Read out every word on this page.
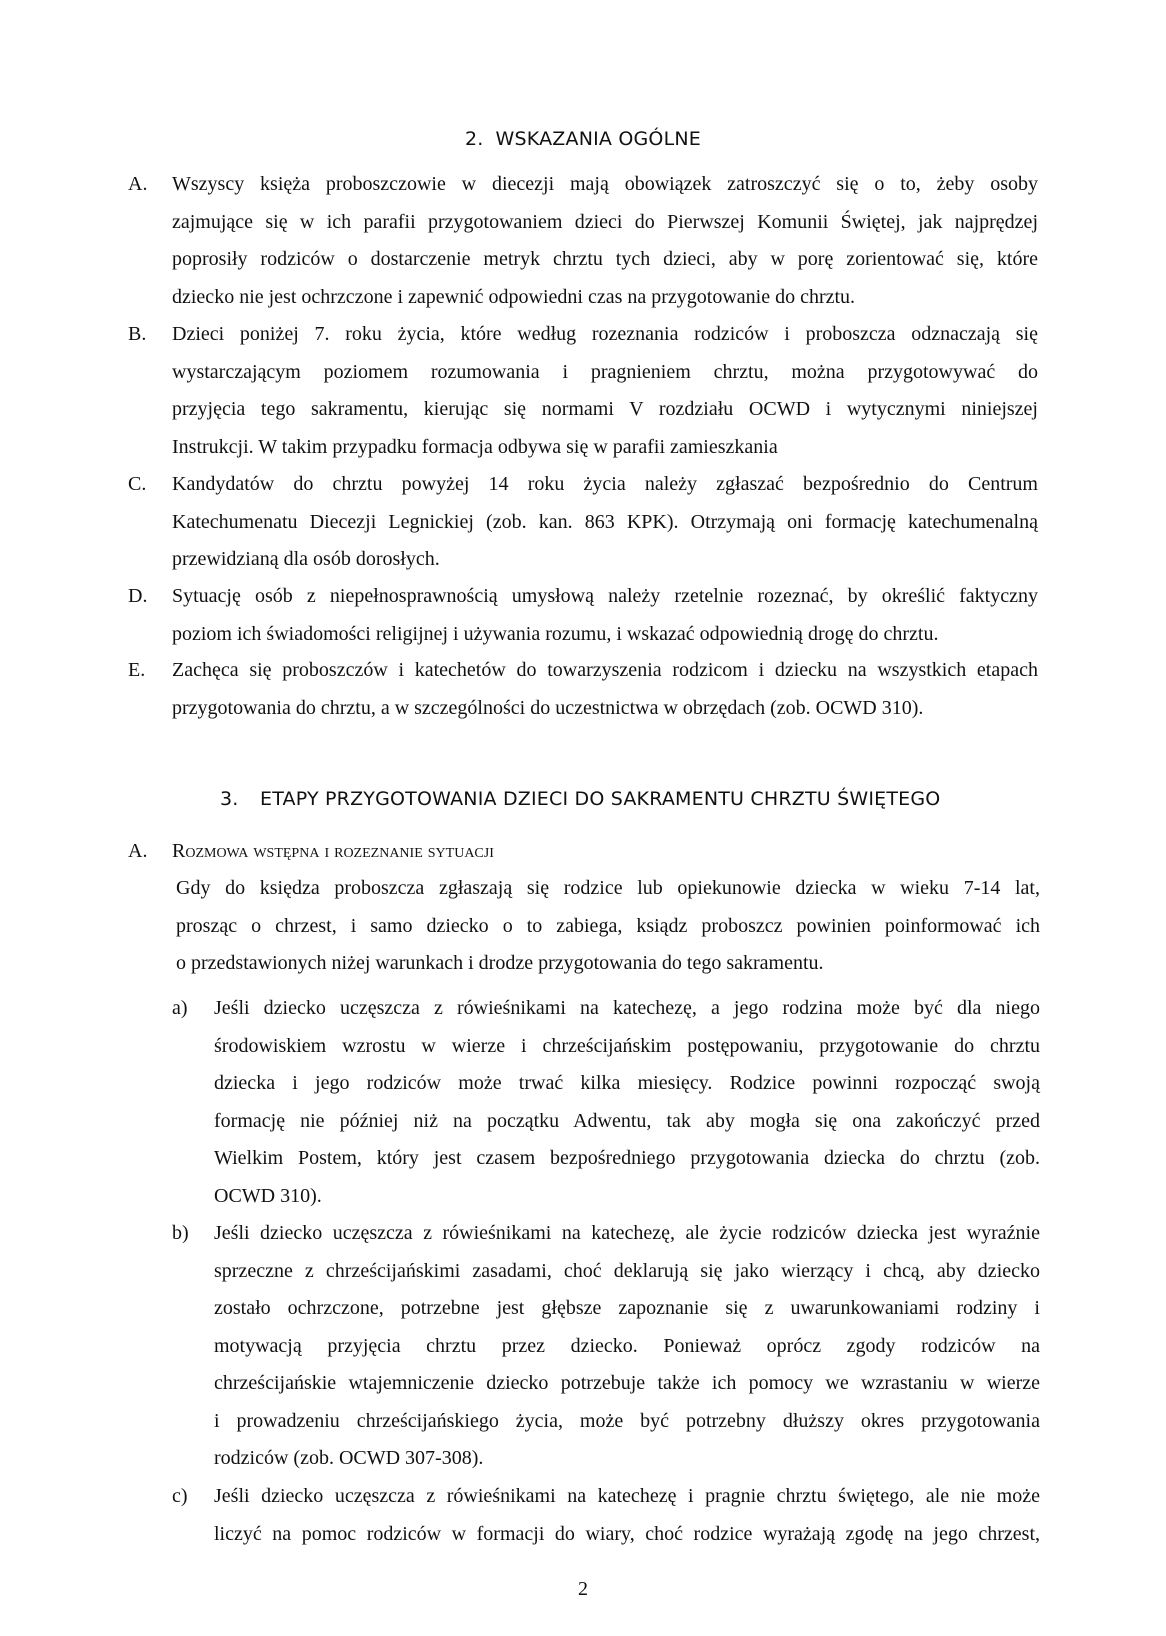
2. WSKAZANIA OGÓLNE
A.	Wszyscy księża proboszczowie w diecezji mają obowiązek zatroszczyć się o to, żeby osoby
zajmujące się w ich parafii przygotowaniem dzieci do Pierwszej Komunii Świętej, jak najprędzej
poprosiły rodziców o dostarczenie metryk chrztu tych dzieci, aby w porę zorientować się, które
dziecko nie jest ochrzczone i zapewnić odpowiedni czas na przygotowanie do chrztu.
B.	Dzieci poniżej 7. roku życia, które według rozeznania rodziców i proboszcza odznaczają się
wystarczającym poziomem rozumowania i pragnieniem chrztu, można przygotowywać do
przyjęcia tego sakramentu, kierując się normami V rozdziału OCWD i wytycznymi niniejszej
Instrukcji. W takim przypadku formacja odbywa się w parafii zamieszkania
C.	Kandydatów do chrztu powyżej 14 roku życia należy zgłaszać bezpośrednio do Centrum
Katechumenatu Diecezji Legnickiej (zob. kan. 863 KPK). Otrzymają oni formację katechumenalną
przewidzianą dla osób dorosłych.
D.	Sytuację osób z niepełnosprawnością umysłową należy rzetelnie rozeznać, by określić faktyczny
poziom ich świadomości religijnej i używania rozumu, i wskazać odpowiednią drogę do chrztu.
E.	Zachęca się proboszczów i katechetów do towarzyszenia rodzicom i dziecku na wszystkich etapach
przygotowania do chrztu, a w szczególności do uczestnictwa w obrzędach (zob. OCWD 310).
3. ETAPY PRZYGOTOWANIA DZIECI DO SAKRAMENTU CHRZTU ŚWIĘTEGO
A.	Rozmowa wstępna i rozeznanie sytuacji
Gdy do księdza proboszcza zgłaszają się rodzice lub opiekunowie dziecka w wieku 7-14 lat,
prosząc o chrzest, i samo dziecko o to zabiega, ksiądz proboszcz powinien poinformować ich
o przedstawionych niżej warunkach i drodze przygotowania do tego sakramentu.
a)	Jeśli dziecko uczęszcza z rówieśnikami na katechezę, a jego rodzina może być dla niego
środowiskiem wzrostu w wierze i chrześcijańskim postępowaniu, przygotowanie do chrztu
dziecka i jego rodziców może trwać kilka miesięcy. Rodzice powinni rozpocząć swoją
formację nie później niż na początku Adwentu, tak aby mogła się ona zakończyć przed
Wielkim Postem, który jest czasem bezpośredniego przygotowania dziecka do chrztu (zob.
OCWD 310).
b)	Jeśli dziecko uczęszcza z rówieśnikami na katechezę, ale życie rodziców dziecka jest wyraźnie
sprzeczne z chrześcijańskimi zasadami, choć deklarują się jako wierzący i chcą, aby dziecko
zostało ochrzczone, potrzebne jest głębsze zapoznanie się z uwarunkowaniami rodziny i
motywacją przyjęcia chrztu przez dziecko. Ponieważ oprócz zgody rodziców na
chrześcijańskie wtajemniczenie dziecko potrzebuje także ich pomocy we wzrastaniu w wierze
i prowadzeniu chrześcijańskiego życia, może być potrzebny dłuższy okres przygotowania
rodziców (zob. OCWD 307-308).
c)	Jeśli dziecko uczęszcza z rówieśnikami na katechezę i pragnie chrztu świętego, ale nie może
liczyć na pomoc rodziców w formacji do wiary, choć rodzice wyrażają zgodę na jego chrzest,
2
